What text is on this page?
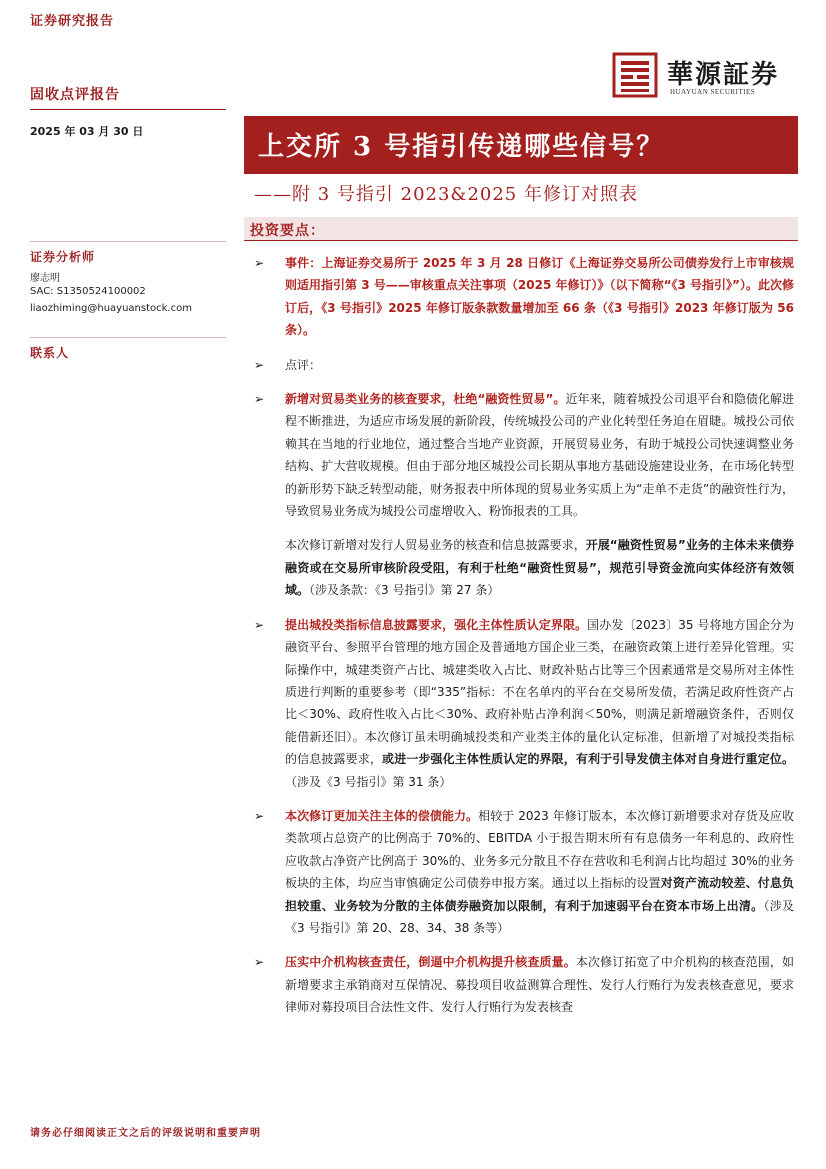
证券研究报告
固收点评报告
華源証券
HUAYUAN SECURITIES
2025 年 03 月 30 日
上交所 3 号指引传递哪些信号？
——附 3 号指引 2023&2025 年修订对照表
投资要点：
证券分析师
廖志明
SAC: S1350524100002
liaozhiming@huayuanstock.com
联系人
➢ 事件：上海证券交易所于 2025 年 3 月 28 日修订《上海证券交易所公司债券发行上市审核规则适用指引第 3 号——审核重点关注事项（2025 年修订）》（以下简称“《3 号指引》”）。此次修订后，《3 号指引》2025 年修订版条款数量增加至 66 条（《3 号指引》2023 年修订版为 56 条）。
➢ 点评：
➢ 新增对贸易类业务的核查要求，杜绝“融资性贸易”。近年来，随着城投公司退平台和隐债化解进程不断推进，为适应市场发展的新阶段，传统城投公司的产业化转型任务迫在眉睫。城投公司依赖其在当地的行业地位，通过整合当地产业资源，开展贸易业务，有助于城投公司快速调整业务结构、扩大营收规模。但由于部分地区城投公司长期从事地方基础设施建设业务，在市场化转型的新形势下缺乏转型动能，财务报表中所体现的贸易业务实质上为“走单不走货”的融资性行为，导致贸易业务成为城投公司虚增收入、粉饰报表的工具。
本次修订新增对发行人贸易业务的核查和信息披露要求，开展“融资性贸易”业务的主体未来债券融资或在交易所审核阶段受阻，有利于杜绝“融资性贸易”，规范引导资金流向实体经济有效领域。（涉及条款：《3 号指引》第 27 条）
➢ 提出城投类指标信息披露要求，强化主体性质认定界限。国办发〔2023〕35 号将地方国企分为融资平台、参照平台管理的地方国企及普通地方国企业三类，在融资政策上进行差异化管理。实际操作中，城建类资产占比、城建类收入占比、财政补贴占比等三个因素通常是交易所对主体性质进行判断的重要参考（即“335”指标：不在名单内的平台在交易所发债，若满足政府性资产占比＜30%、政府性收入占比＜30%、政府补贴占净利润＜50%，则满足新增融资条件，否则仅能借新还旧）。本次修订虽未明确城投类和产业类主体的量化认定标准，但新增了对城投类指标的信息披露要求，或进一步强化主体性质认定的界限，有利于引导发债主体对自身进行重定位。（涉及《3 号指引》第 31 条）
➢ 本次修订更加关注主体的偿债能力。相较于 2023 年修订版本，本次修订新增要求对存货及应收类款项占总资产的比例高于 70%的、EBITDA 小于报告期末所有有息债务一年利息的、政府性应收款占净资产比例高于 30%的、业务多元分散且不存在营收和毛利润占比均超过 30%的业务板块的主体，均应当审慎确定公司债券申报方案。通过以上指标的设置对资产流动较差、付息负担较重、业务较为分散的主体债券融资加以限制，有利于加速弱平台在资本市场上出清。（涉及《3 号指引》第 20、28、34、38 条等）
➢ 压实中介机构核查责任，倒逼中介机构提升核查质量。本次修订拓宽了中介机构的核查范围，如新增要求主承销商对互保情况、募投项目收益测算合理性、发行人行贿行为发表核查意见，要求律师对募投项目合法性文件、发行人行贿行为发表核查
请务必仔细阅读正文之后的评级说明和重要声明
